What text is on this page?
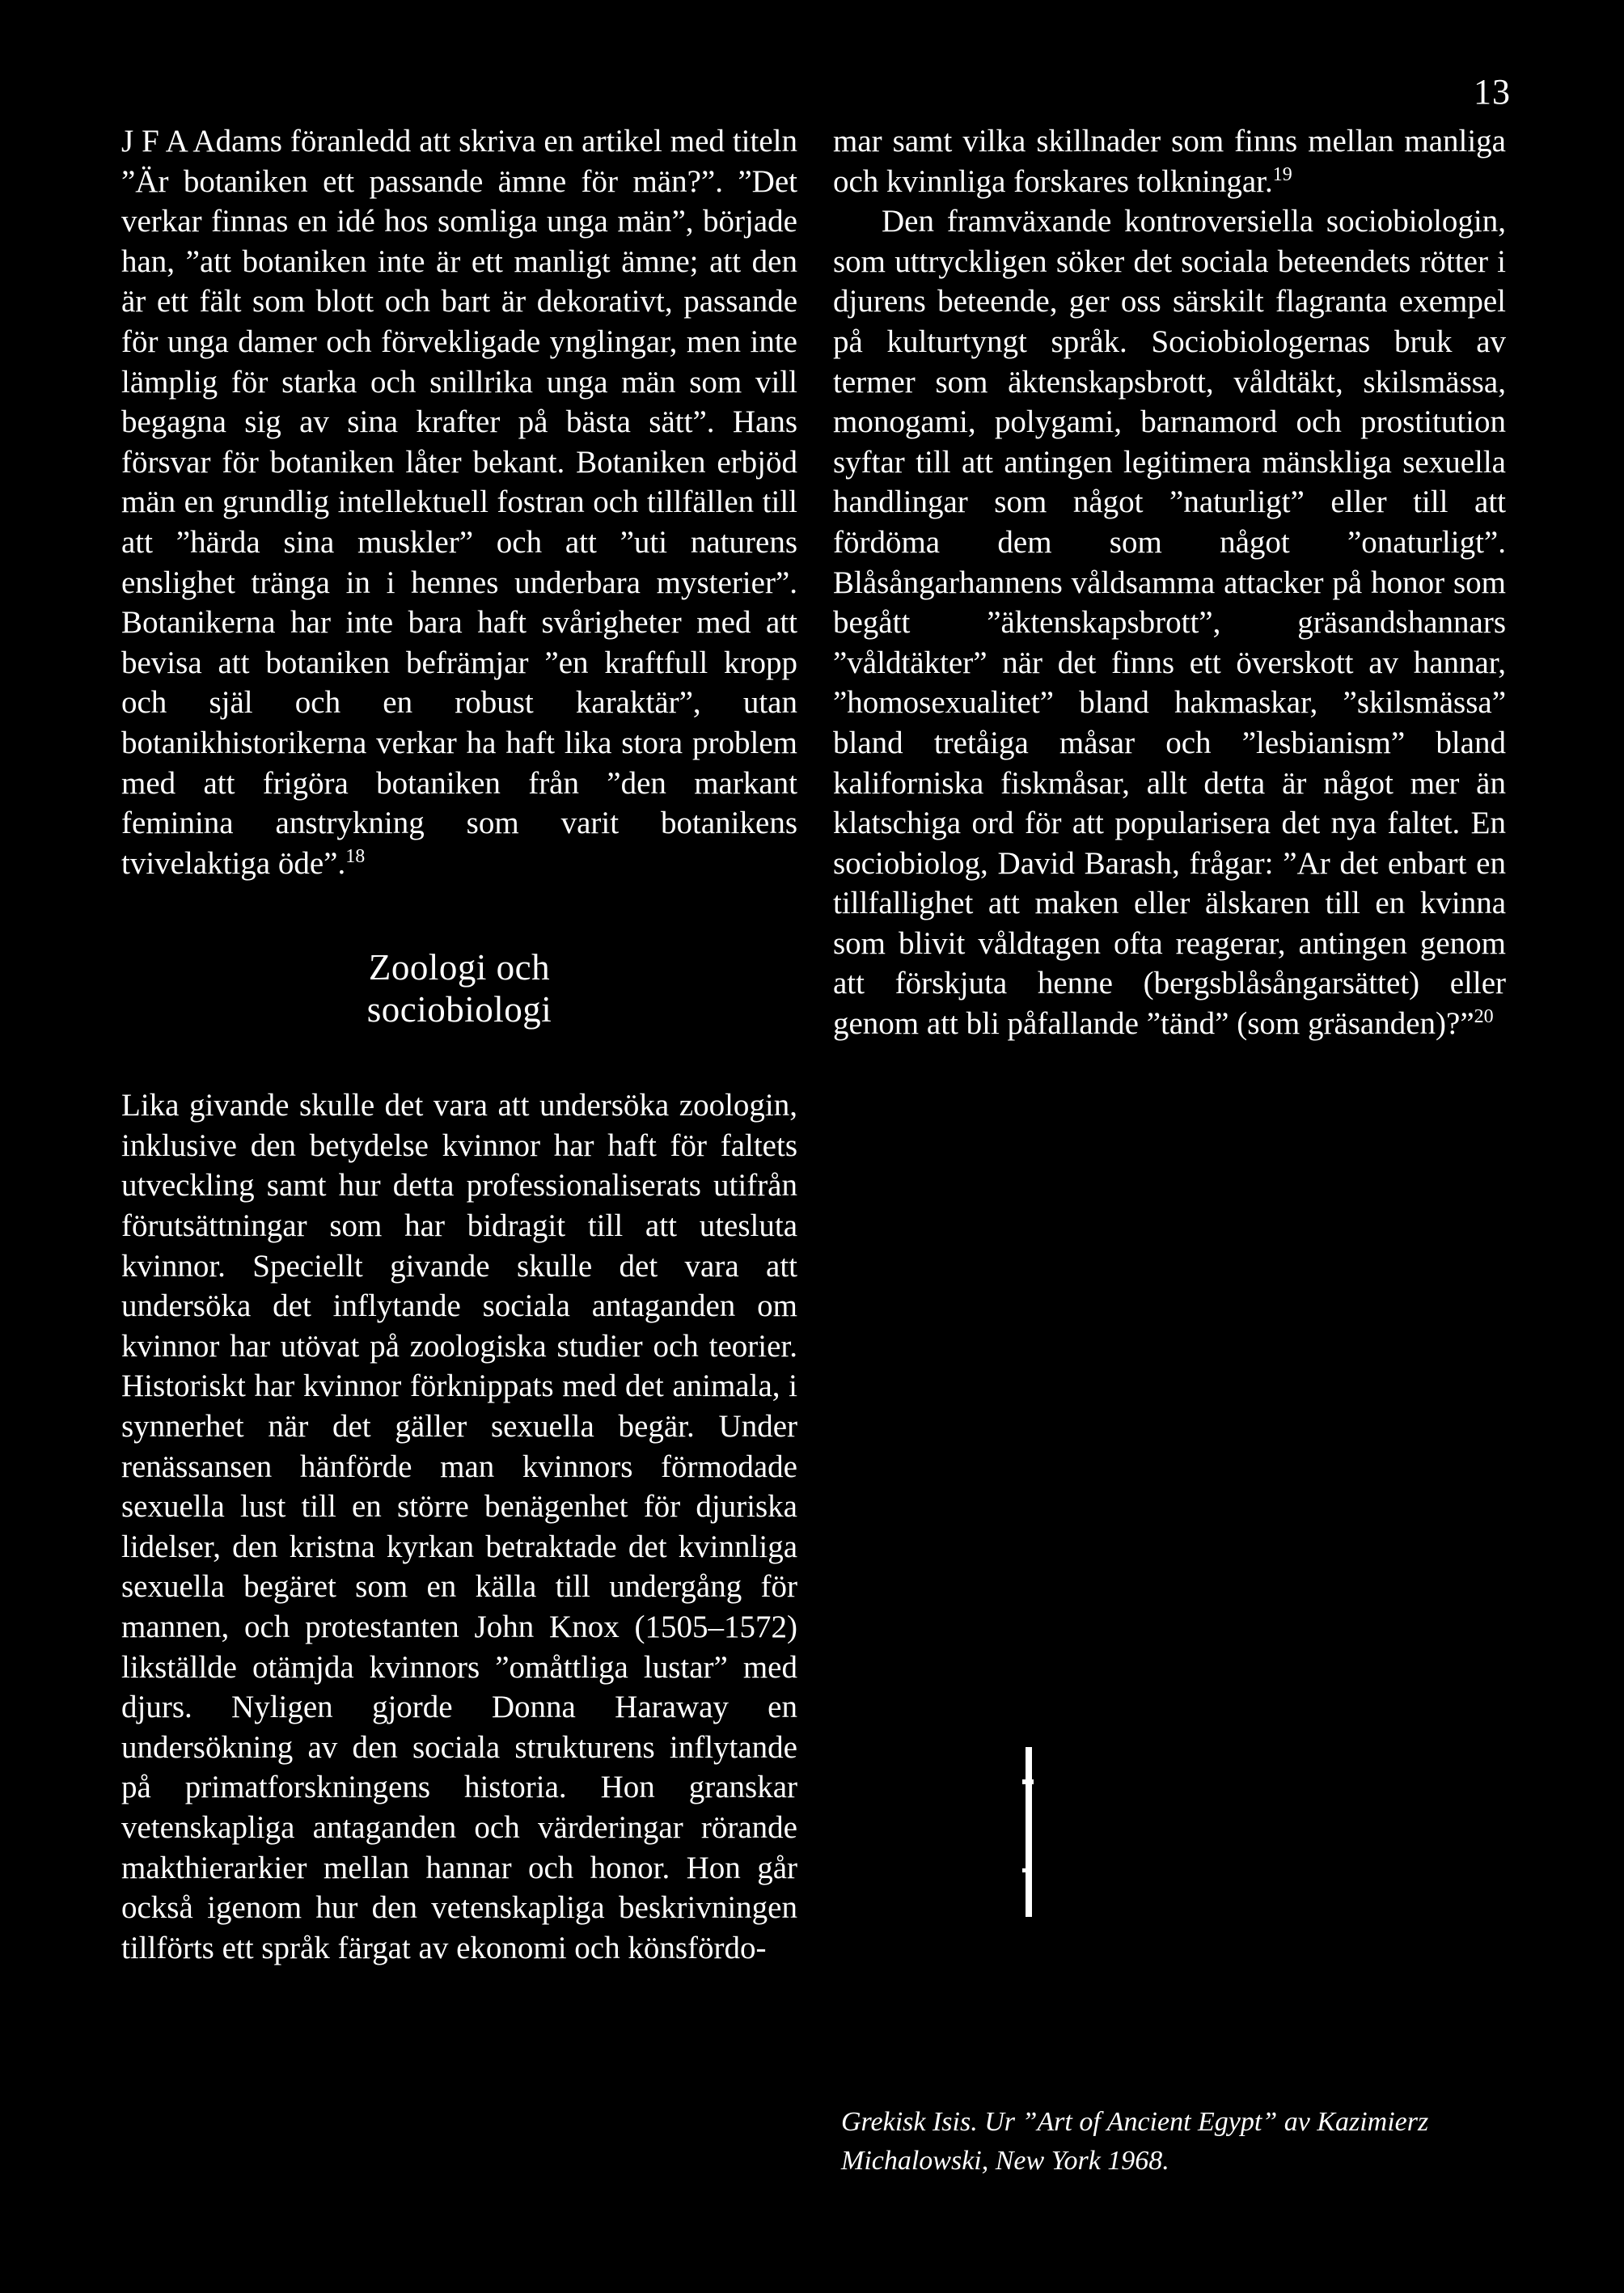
13

J F A Adams föranledd att skriva en artikel med titeln ”Är botaniken ett passande ämne för män?”. ”Det verkar finnas en idé hos somliga unga män”, började han, ”att botaniken inte är ett manligt ämne; att den är ett fält som blott och bart är dekorativt, passande för unga damer och förvekligade ynglingar, men inte lämplig för starka och snillrika unga män som vill begagna sig av sina krafter på bästa sätt”. Hans försvar för botaniken låter bekant. Botaniken erbjöd män en grundlig intellektuell fostran och tillfällen till att ”härda sina muskler” och att ”uti naturens enslighet tränga in i hennes underbara mysterier”. Botanikerna har inte bara haft svårigheter med att bevisa att botaniken befrämjar ”en kraftfull kropp och själ och en robust karaktär”, utan botanikhistorikerna verkar ha haft lika stora problem med att frigöra botaniken från ”den markant feminina anstrykning som varit botanikens tvivelaktiga öde”.$^{18}$

Zoologi och
sociobiologi

Lika givande skulle det vara att undersöka zoologin, inklusive den betydelse kvinnor har haft för faltets utveckling samt hur detta professionaliserats utifrån förutsättningar som har bidragit till att utesluta kvinnor. Speciellt givande skulle det vara att undersöka det inflytande sociala antaganden om kvinnor har utövat på zoologiska studier och teorier. Historiskt har kvinnor förknippats med det animala, i synnerhet när det gäller sexuella begär. Under renässansen hänförde man kvinnors förmodade sexuella lust till en större benägenhet för djuriska lidelser, den kristna kyrkan betraktade det kvinnliga sexuella begäret som en källa till undergång för mannen, och protestanten John Knox (1505–1572) likställde otämjda kvinnors ”omåttliga lustar” med djurs. Nyligen gjorde Donna Haraway en undersökning av den sociala strukturens inflytande på primatforskningens historia. Hon granskar vetenskapliga antaganden och värderingar rörande makthierarkier mellan hannar och honor. Hon går också igenom hur den vetenskapliga beskrivningen tillförts ett språk färgat av ekonomi och könsfördo-

mar samt vilka skillnader som finns mellan manliga och kvinnliga forskares tolkningar.$^{19}$

Den framväxande kontroversiella sociobiologin, som uttryckligen söker det sociala beteendets rötter i djurens beteende, ger oss särskilt flagranta exempel på kulturtyngt språk. Sociobiologernas bruk av termer som äktenskapsbrott, våldtäkt, skilsmässa, monogami, polygami, barnamord och prostitution syftar till att antingen legitimera mänskliga sexuella handlingar som något ”naturligt” eller till att fördöma dem som något ”onaturligt”. Blåsångarhannens våldsamma attacker på honor som begått ”äktenskapsbrott”, gräsandshannars ”våldtäkter” när det finns ett överskott av hannar, ”homosexualitet” bland hakmaskar, ”skilsmässa” bland tretåiga måsar och ”lesbianism” bland kaliforniska fiskmåsar, allt detta är något mer än klatschiga ord för att popularisera det nya faltet. En sociobiolog, David Barash, frågar: ”Ar det enbart en tillfallighet att maken eller älskaren till en kvinna som blivit våldtagen ofta reagerar, antingen genom att förskjuta henne (bergsblåsångarsättet) eller genom att bli påfallande ”tänd” (som gräsanden)?”$^{20}$

Grekisk Isis. Ur ”Art of Ancient Egypt” av Kazimierz
Michalowski, New York 1968.
